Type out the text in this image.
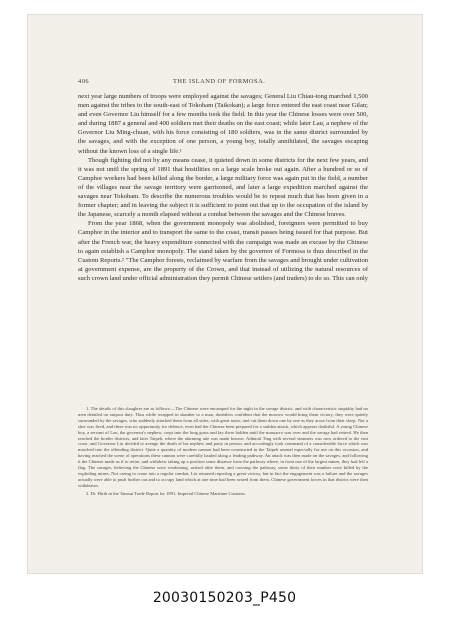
406	THE ISLAND OF FORMOSA.

next year large numbers of troops were employed against the savages; General Liu Chiau-tong marched 1,500 men against the tribes to the south-east of Tokoham (Taikokan); a large force entered the east coast near Gilan; and even Governor Liu himself for a few months took the field. In this year the Chinese losses were over 500, and during 1887 a general and 400 soldiers met their deaths on the east coast; while later Lau, a nephew of the Governor Liu Ming-chuan, with his force consisting of 180 soldiers, was in the same district surrounded by the savages, and with the exception of one person, a young boy, totally annihilated, the savages escaping without the known loss of a single life.¹

Though fighting did not by any means cease, it quieted down in some districts for the next few years, and it was not until the spring of 1891 that hostilities on a large scale broke out again. After a hundred or so of Camphor workers had been killed along the border, a large military force was again put in the field, a number of the villages near the savage territory were garrisoned, and later a large expedition marched against the savages near Tokoham. To describe the numerous troubles would be to repeat much that has been given in a former chapter; and in leaving the subject it is sufficient to point out that up to the occupation of the island by the Japanese, scarcely a month elapsed without a combat between the savages and the Chinese braves.

From the year 1868, when the government monopoly was abolished, foreigners were permitted to buy Camphor in the interior and to transport the same to the coast, transit passes being issued for that purpose. But after the French war, the heavy expenditure connected with the campaign was made an excuse by the Chinese to again establish a Camphor monopoly. The stand taken by the governor of Formosa is thus described in the Custom Reports.² "The Camphor forests, reclaimed by warfare from the savages and brought under cultivation at government expense, are the property of the Crown, and that instead of utilizing the natural resources of such crown land under official administration they permit Chinese settlers (and traders) to do so. This can only

1. The details of this slaughter are as follows:—The Chinese were encamped for the night in the savage district, and with characteristic stupidity had no men detailed on outpost duty. Thus while wrapped in slumber to a man, doubtless confident that the morrow would bring them victory, they were quietly surrounded by the savages, who suddenly attacked them from all sides, with great noise, and cut them down one by one as they arose from their sleep. Not a shot was fired, and there was no opportunity for defence, even had the Chinese been prepared for a sudden attack, which appears doubtful. A young Chinese boy, a servant of Lau, the governor's nephew, crept into the long grass and lay there hidden until the massacre was over and the savage had retired. He then reached the border districts, and later Taipeh, where the alarming tale was made known. Admiral Ting with several steamers was now ordered to the east coast, and Governor Liu decided to avenge the death of his nephew and party in person, and accordingly took command of a considerable force which was marched into the offending district. Quite a quantity of modern cannon had been constructed in the Taipeh arsenal especially for use on this occasion, and having reached the scene of operations these cannon were carefully hauled along a leading pathway. An attack was then made on the savages, and following it the Chinese made as if to retire, and withdrew taking up a position some distance from the pathway where, in front one of the largest mines, they had left a flag. The savages, believing the Chinese were weakening, rushed after them, and crossing the pathway, some thirty of their number were killed by the exploding mines. Not caring to come into a regular combat, Liu returned reporting a great victory, but in fact the engagement was a failure and the savages actually were able to push further out and to occupy land which at one time had been seized from them. Chinese government forces in that district were then withdrawn.

2. Dr. Hirth in the Tamsui Trade Report for 1891. Imperial Chinese Maritime Customs.

20030150203_P450
